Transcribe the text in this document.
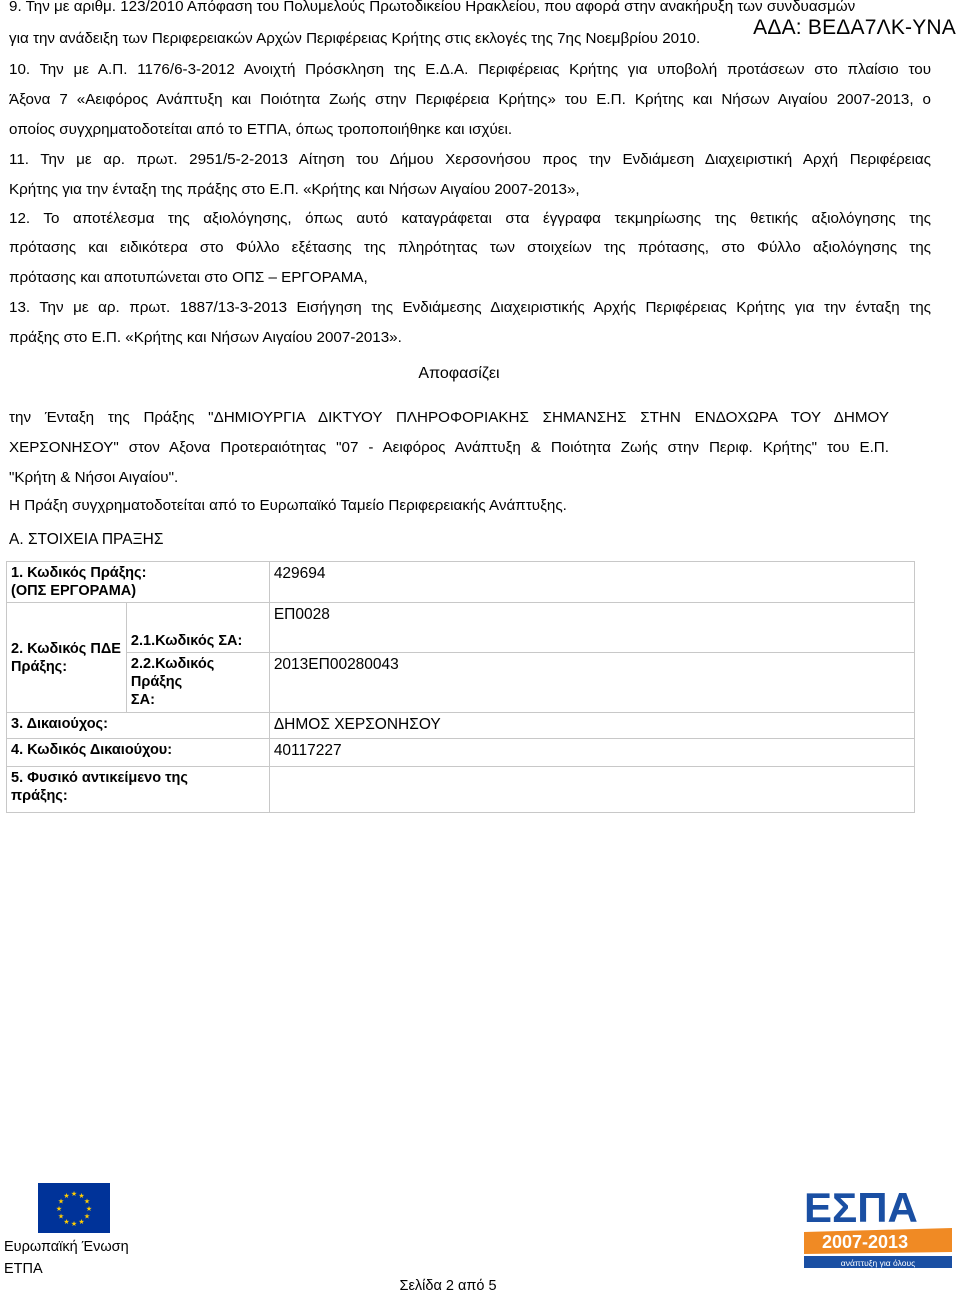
ΑΔΑ: ΒΕΔΑ7ΛΚ-ΥΝΑ
9. Την με αριθμ. 123/2010 Απόφαση του Πολυμελούς Πρωτοδικείου Ηρακλείου, που αφορά στην ανακήρυξη των συνδυασμών
για την ανάδειξη των Περιφερειακών Αρχών Περιφέρειας Κρήτης στις εκλογές της 7ης Νοεμβρίου 2010.
10. Την με Α.Π. 1176/6-3-2012 Ανοιχτή Πρόσκληση της Ε.Δ.Α. Περιφέρειας Κρήτης για υποβολή προτάσεων στο πλαίσιο του
Άξονα 7 «Αειφόρος Ανάπτυξη και Ποιότητα Ζωής στην Περιφέρεια Κρήτης» του Ε.Π. Κρήτης και Νήσων Αιγαίου 2007-2013, ο
οποίος συγχρηματοδοτείται από το ΕΤΠΑ, όπως τροποποιήθηκε και ισχύει.
11. Την με αρ. πρωτ. 2951/5-2-2013 Αίτηση του Δήμου Χερσονήσου προς την Ενδιάμεση Διαχειριστική Αρχή Περιφέρειας
Κρήτης για την ένταξη της πράξης στο Ε.Π. «Κρήτης και Νήσων Αιγαίου 2007-2013»,
12. Το αποτέλεσμα της αξιολόγησης, όπως αυτό καταγράφεται στα έγγραφα τεκμηρίωσης της θετικής αξιολόγησης της
πρότασης και ειδικότερα στο Φύλλο εξέτασης της πληρότητας των στοιχείων της πρότασης, στο Φύλλο αξιολόγησης της
πρότασης και αποτυπώνεται στο ΟΠΣ – ΕΡΓΟΡΑΜΑ,
13. Την με αρ. πρωτ. 1887/13-3-2013 Εισήγηση της Ενδιάμεσης Διαχειριστικής Αρχής Περιφέρειας Κρήτης για την ένταξη της
πράξης στο Ε.Π. «Κρήτης και Νήσων Αιγαίου 2007-2013».
Αποφασίζει
την Ένταξη της Πράξης "ΔΗΜΙΟΥΡΓΙΑ ΔΙΚΤΥΟΥ ΠΛΗΡΟΦΟΡΙΑΚΗΣ ΣΗΜΑΝΣΗΣ ΣΤΗΝ ΕΝΔΟΧΩΡΑ ΤΟΥ ΔΗΜΟΥ
ΧΕΡΣΟΝΗΣΟΥ" στον Αξονα Προτεραιότητας "07 - Αειφόρος Ανάπτυξη & Ποιότητα Ζωής στην Περιφ. Κρήτης" του Ε.Π.
"Κρήτη & Νήσοι Αιγαίου".
Η Πράξη συγχρηματοδοτείται από το Ευρωπαϊκό Ταμείο Περιφερειακής Ανάπτυξης.
Α. ΣΤΟΙΧΕΙΑ ΠΡΑΞΗΣ
1. Κωδικός Πράξης:
(ΟΠΣ ΕΡΓΟΡΑΜΑ)		429694

2. Κωδικός ΠΔΕ
Πράξης:	2.1.Κωδικός ΣΑ:	ΕΠ0028

	2.2.Κωδικός Πράξης
ΣΑ:	2013ΕΠ00280043
3. Δικαιούχος:		ΔΗΜΟΣ ΧΕΡΣΟΝΗΣΟΥ
4. Κωδικός Δικαιούχου:		40117227

5. Φυσικό αντικείμενο της
πράξης:		

★ ★
★
★
★
★
★
★
★
★
★
★
Ευρωπαϊκή Ένωση
ΕΤΠΑ
ΕΣΠΑ
2007-2013
ανάπτυξη για όλους
Σελίδα 2 από 5
